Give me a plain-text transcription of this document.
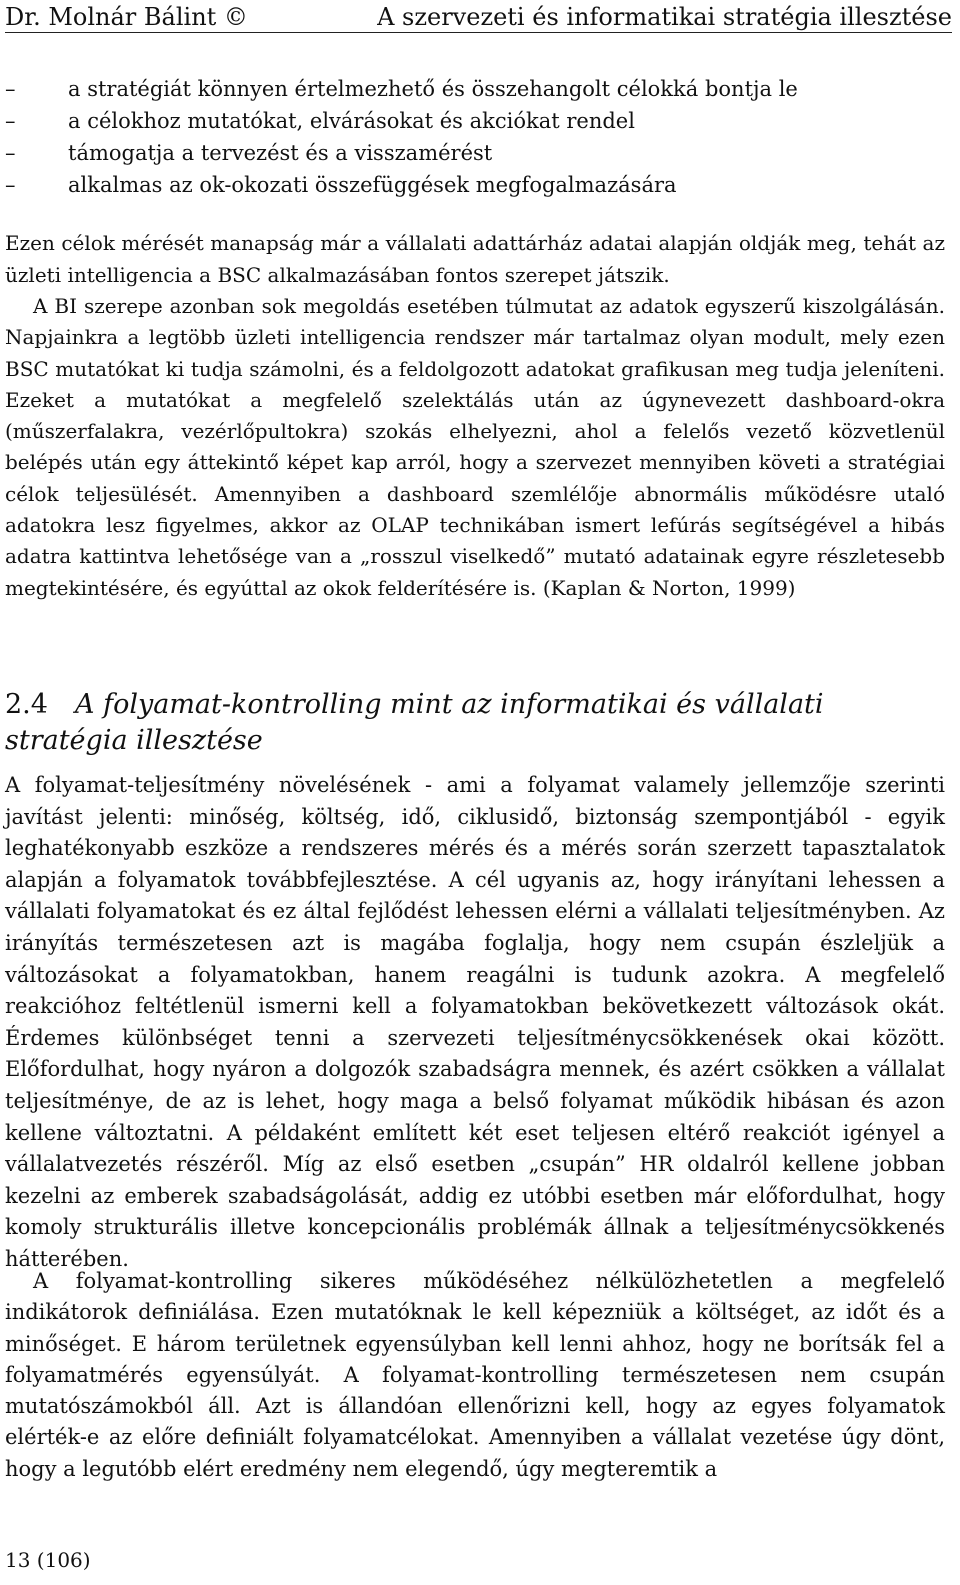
Dr. Molnár Bálint ©	A szervezeti és informatikai stratégia illesztése
–	a stratégiát könnyen értelmezhető és összehangolt célokká bontja le
–	a célokhoz mutatókat, elvárásokat és akciókat rendel
–	támogatja a tervezést és a visszamérést
–	alkalmas az ok-okozati összefüggések megfogalmazására

Ezen célok mérését manapság már a vállalati adattárház adatai alapján oldják meg, tehát az üzleti intelligencia a BSC alkalmazásában fontos szerepet játszik.

A BI szerepe azonban sok megoldás esetében túlmutat az adatok egyszerű kiszolgálásán. Napjainkra a legtöbb üzleti intelligencia rendszer már tartalmaz olyan modult, mely ezen BSC mutatókat ki tudja számolni, és a feldolgozott adatokat grafikusan meg tudja jeleníteni. Ezeket a mutatókat a megfelelő szelektálás után az úgynevezett dashboard-okra (műszerfalakra, vezérlőpultokra) szokás elhelyezni, ahol a felelős vezető közvetlenül belépés után egy áttekintő képet kap arról, hogy a szervezet mennyiben követi a stratégiai célok teljesülését. Amennyiben a dashboard szemlélője abnormális működésre utaló adatokra lesz figyelmes, akkor az OLAP technikában ismert lefúrás segítségével a hibás adatra kattintva lehetősége van a „rosszul viselkedő” mutató adatainak egyre részletesebb megtekintésére, és egyúttal az okok felderítésére is. (Kaplan & Norton, 1999)

2.4 A folyamat-kontrolling mint az informatikai és vállalati stratégia illesztése

A folyamat-teljesítmény növelésének - ami a folyamat valamely jellemzője szerinti javítást jelenti: minőség, költség, idő, ciklusidő, biztonság szempontjából - egyik leghatékonyabb eszköze a rendszeres mérés és a mérés során szerzett tapasztalatok alapján a folyamatok továbbfejlesztése. A cél ugyanis az, hogy irányítani lehessen a vállalati folyamatokat és ez által fejlődést lehessen elérni a vállalati teljesítményben. Az irányítás természetesen azt is magába foglalja, hogy nem csupán észleljük a változásokat a folyamatokban, hanem reagálni is tudunk azokra. A megfelelő reakcióhoz feltétlenül ismerni kell a folyamatokban bekövetkezett változások okát. Érdemes különbséget tenni a szervezeti teljesítménycsökkenések okai között. Előfordulhat, hogy nyáron a dolgozók szabadságra mennek, és azért csökken a vállalat teljesítménye, de az is lehet, hogy maga a belső folyamat működik hibásan és azon kellene változtatni. A példaként említett két eset teljesen eltérő reakciót igényel a vállalatvezetés részéről. Míg az első esetben „csupán” HR oldalról kellene jobban kezelni az emberek szabadságolását, addig ez utóbbi esetben már előfordulhat, hogy komoly strukturális illetve koncepcionális problémák állnak a teljesítménycsökkenés hátterében.

A folyamat-kontrolling sikeres működéséhez nélkülözhetetlen a megfelelő indikátorok definiálása. Ezen mutatóknak le kell képezniük a költséget, az időt és a minőséget. E három területnek egyensúlyban kell lenni ahhoz, hogy ne borítsák fel a folyamatmérés egyensúlyát. A folyamat-kontrolling természetesen nem csupán mutatószámokból áll. Azt is állandóan ellenőrizni kell, hogy az egyes folyamatok elérték-e az előre definiált folyamatcélokat. Amennyiben a vállalat vezetése úgy dönt, hogy a legutóbb elért eredmény nem elegendő, úgy megteremtik a

13 (106)
